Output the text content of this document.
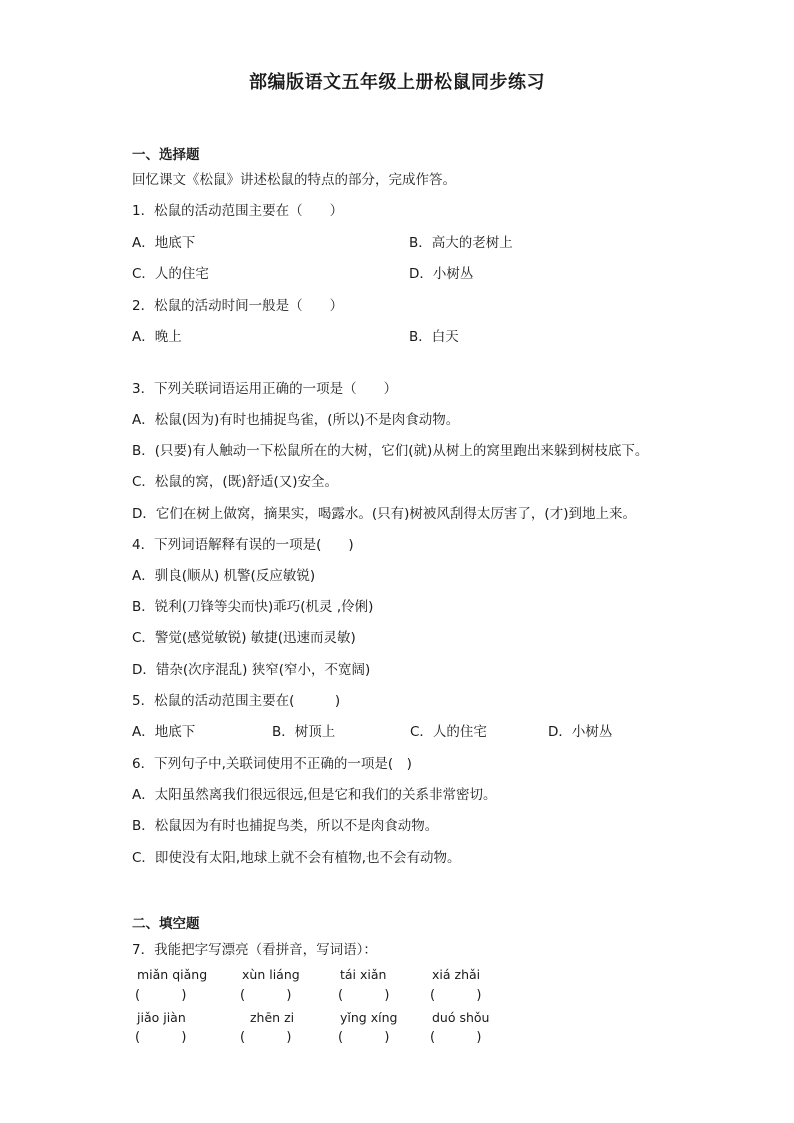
部编版语文五年级上册松鼠同步练习
一、选择题
回忆课文《松鼠》讲述松鼠的特点的部分，完成作答。
1．松鼠的活动范围主要在（　　）
A．地底下	B．高大的老树上
C．人的住宅	D．小树丛
2．松鼠的活动时间一般是（　　）
A．晚上	B．白天
3．下列关联词语运用正确的一项是（　　）
A．松鼠(因为)有时也捕捉鸟雀，(所以)不是肉食动物。
B．(只要)有人触动一下松鼠所在的大树，它们(就)从树上的窝里跑出来躲到树枝底下。
C．松鼠的窝，(既)舒适(又)安全。
D．它们在树上做窝，摘果实，喝露水。(只有)树被风刮得太厉害了，(才)到地上来。
4．下列词语解释有误的一项是(　　)
A．驯良(顺从) 机警(反应敏锐)
B．锐利(刀锋等尖而快)乖巧(机灵 ,伶俐)
C．警觉(感觉敏锐) 敏捷(迅速而灵敏)
D．错杂(次序混乱) 狭窄(窄小，不宽阔)
5．松鼠的活动范围主要在(　　　)
A．地底下	B．树顶上	C．人的住宅	D．小树丛
6．下列句子中,关联词使用不正确的一项是(　)
A．太阳虽然离我们很远很远,但是它和我们的关系非常密切。
B．松鼠因为有时也捕捉鸟类，所以不是肉食动物。
C．即使没有太阳,地球上就不会有植物,也不会有动物。
二、填空题
7．我能把字写漂亮（看拼音，写词语）：
miǎn qiǎng	xùn liáng	tái xiǎn	xiá zhǎi
(          )	(          )	(          )	(          )
jiǎo jiàn	zhēn zi	yǐng xíng	duó shǒu
(          )	(          )	(          )	(          )
